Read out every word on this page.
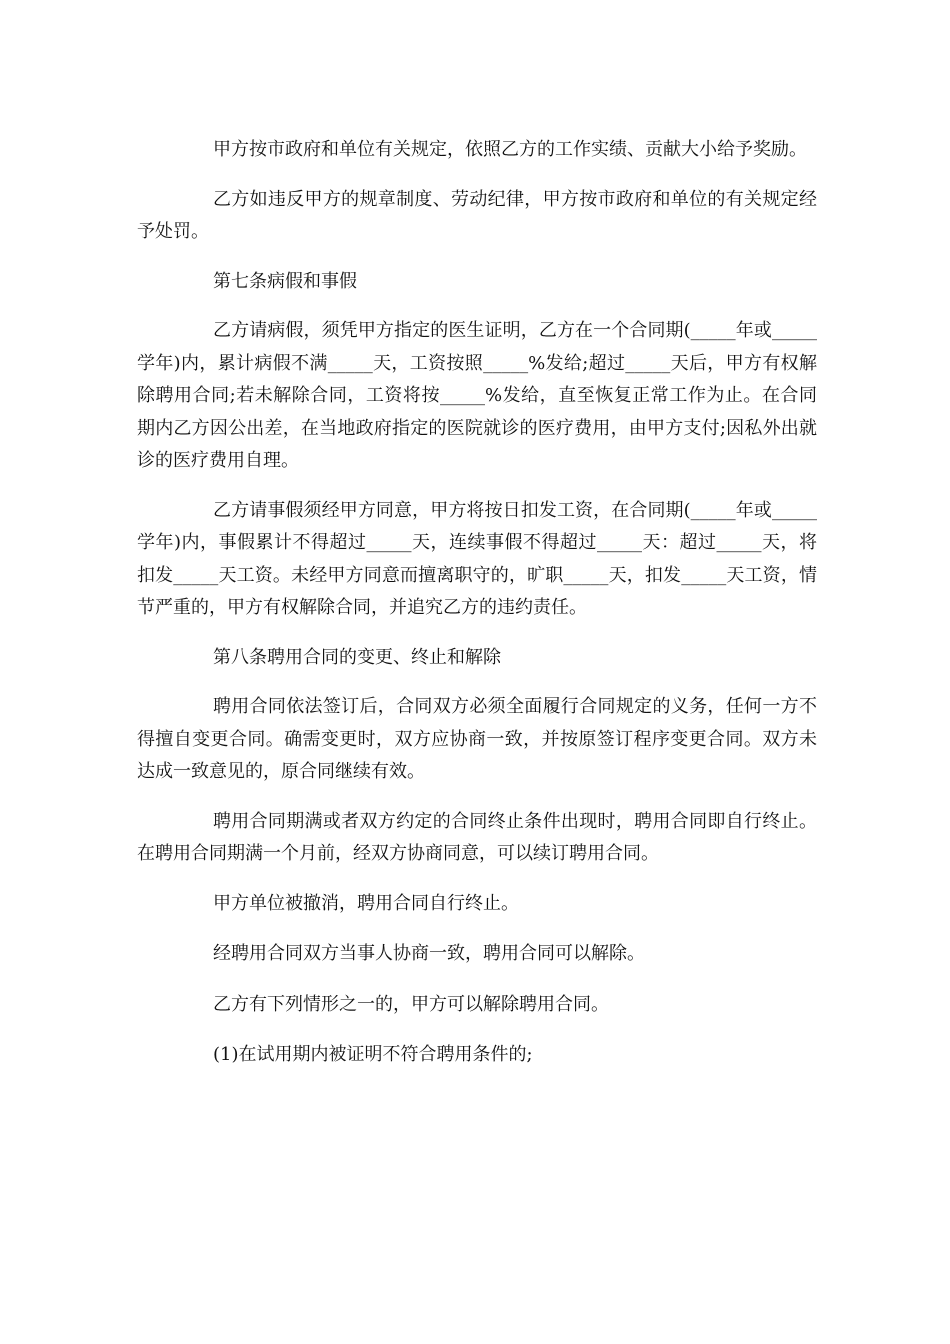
甲方按市政府和单位有关规定，依照乙方的工作实绩、贡献大小给予奖励。

乙方如违反甲方的规章制度、劳动纪律，甲方按市政府和单位的有关规定经予处罚。

第七条病假和事假

乙方请病假，须凭甲方指定的医生证明，乙方在一个合同期(_____年或_____学年)内，累计病假不满_____天，工资按照_____%发给;超过_____天后，甲方有权解除聘用合同;若未解除合同，工资将按_____%发给，直至恢复正常工作为止。在合同期内乙方因公出差，在当地政府指定的医院就诊的医疗费用，由甲方支付;因私外出就诊的医疗费用自理。

乙方请事假须经甲方同意，甲方将按日扣发工资，在合同期(_____年或_____学年)内，事假累计不得超过_____天，连续事假不得超过_____天：超过_____天，将扣发_____天工资。未经甲方同意而擅离职守的，旷职_____天，扣发_____天工资，情节严重的，甲方有权解除合同，并追究乙方的违约责任。

第八条聘用合同的变更、终止和解除

聘用合同依法签订后，合同双方必须全面履行合同规定的义务，任何一方不得擅自变更合同。确需变更时，双方应协商一致，并按原签订程序变更合同。双方未达成一致意见的，原合同继续有效。

聘用合同期满或者双方约定的合同终止条件出现时，聘用合同即自行终止。在聘用合同期满一个月前，经双方协商同意，可以续订聘用合同。

甲方单位被撤消，聘用合同自行终止。

经聘用合同双方当事人协商一致，聘用合同可以解除。

乙方有下列情形之一的，甲方可以解除聘用合同。

(1)在试用期内被证明不符合聘用条件的;
